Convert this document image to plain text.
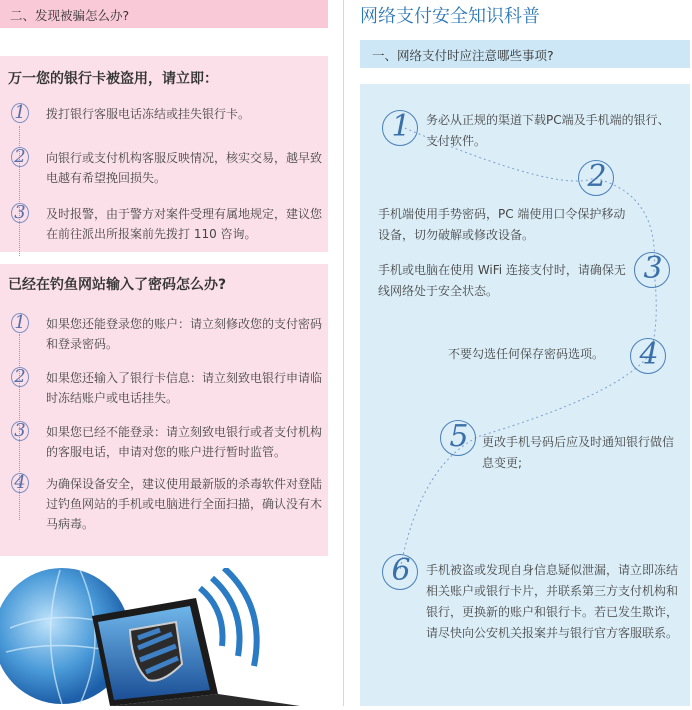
二、发现被骗怎么办?
万一您的银行卡被盗用，请立即：
1	拨打银行客服电话冻结或挂失银行卡。
2	向银行或支付机构客服反映情况，核实交易，越早致电越有希望挽回损失。
3	及时报警，由于警方对案件受理有属地规定，建议您在前往派出所报案前先拨打 110 咨询。
已经在钓鱼网站输入了密码怎么办?
1	如果您还能登录您的账户：请立刻修改您的支付密码和登录密码。
2	如果您还输入了银行卡信息：请立刻致电银行申请临时冻结账户或电话挂失。
3	如果您已经不能登录：请立刻致电银行或者支付机构的客服电话，申请对您的账户进行暂时监管。
4	为确保设备安全，建议使用最新版的杀毒软件对登陆过钓鱼网站的手机或电脑进行全面扫描，确认没有木马病毒。
网络支付安全知识科普
一、网络支付时应注意哪些事项?
1	务必从正规的渠道下载PC端及手机端的银行、支付软件。
2
手机端使用手势密码，PC 端使用口令保护移动设备，切勿破解或修改设备。
3
手机或电脑在使用 WiFi 连接支付时，请确保无线网络处于安全状态。
4
不要勾选任何保存密码选项。
5	更改手机号码后应及时通知银行做信息变更;
6	手机被盗或发现自身信息疑似泄漏，请立即冻结相关账户或银行卡片，并联系第三方支付机构和银行，更换新的账户和银行卡。若已发生欺诈，请尽快向公安机关报案并与银行官方客服联系。
